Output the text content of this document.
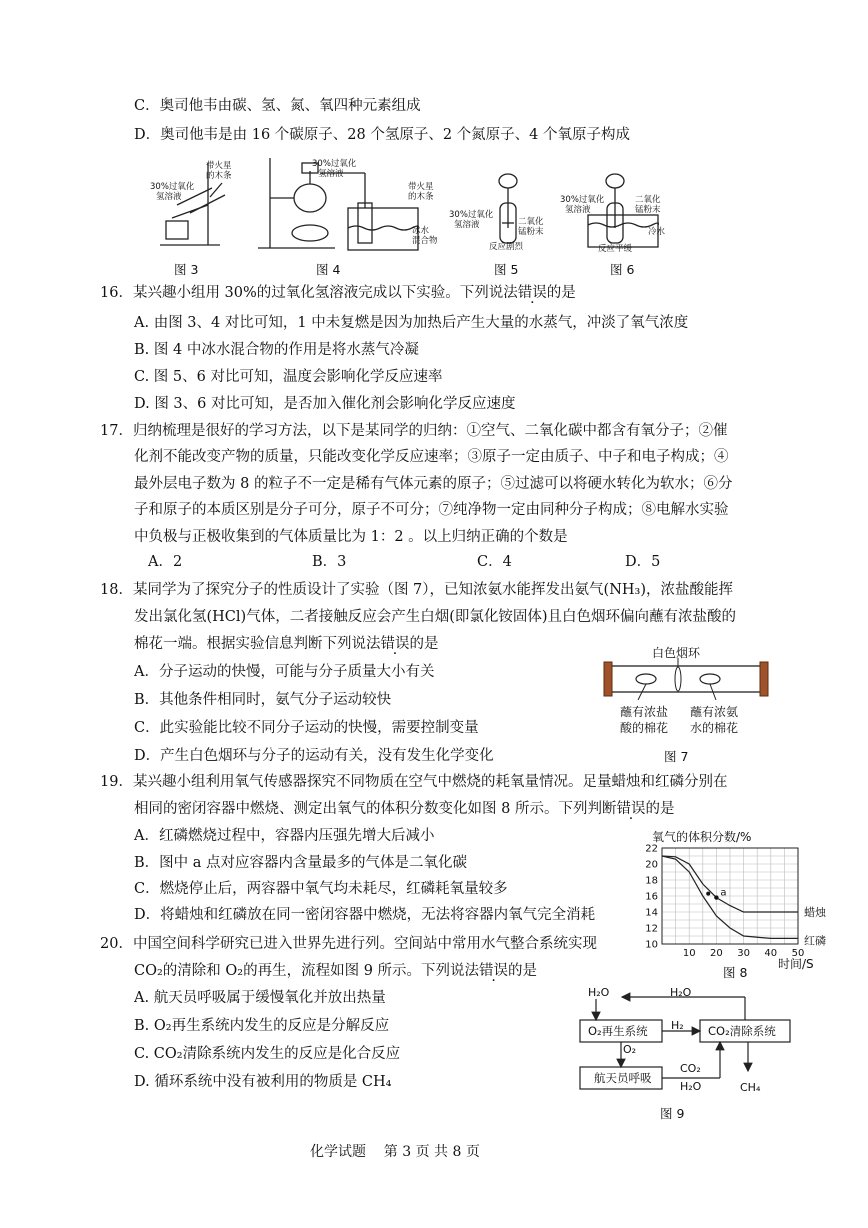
C．奥司他韦由碳、氢、氮、氧四种元素组成
D．奥司他韦是由 16 个碳原子、28 个氢原子、2 个氮原子、4 个氧原子构成
带火星
的木条
30%过氧化
氢溶液
图 3
30%过氧化
氢溶液
带火星
的木条
冰水
混合物
图 4
30%过氧化
氢溶液	二氧化
锰粉末
反应剧烈
图 5
30%过氧化
氢溶液
二氧化
锰粉末
冷水
反应平缓
图 6
16．某兴趣小组用 30%的过氧化氢溶液完成以下实验。下列说法错误的是
A. 由图 3、4 对比可知，1 中未复燃是因为加热后产生大量的水蒸气，冲淡了氧气浓度
B. 图 4 中冰水混合物的作用是将水蒸气冷凝
C. 图 5、6 对比可知，温度会影响化学反应速率
D. 图 3、6 对比可知，是否加入催化剂会影响化学反应速度
17．归纳梳理是很好的学习方法，以下是某同学的归纳：①空气、二氧化碳中都含有氧分子；②催
化剂不能改变产物的质量，只能改变化学反应速率；③原子一定由质子、中子和电子构成；④
最外层电子数为 8 的粒子不一定是稀有气体元素的原子；⑤过滤可以将硬水转化为软水；⑥分
子和原子的本质区别是分子可分，原子不可分；⑦纯净物一定由同种分子构成；⑧电解水实验
中负极与正极收集到的气体质量比为 1：2 。以上归纳正确的个数是
A．2	B．3	C．4	D．5
18．某同学为了探究分子的性质设计了实验（图 7），已知浓氨水能挥发出氨气(NH₃)，浓盐酸能挥
发出氯化氢(HCl)气体，二者接触反应会产生白烟(即氯化铵固体)且白色烟环偏向蘸有浓盐酸的
棉花一端。根据实验信息判断下列说法错误的是
A．分子运动的快慢，可能与分子质量大小有关
B．其他条件相同时，氨气分子运动较快
C．此实验能比较不同分子运动的快慢，需要控制变量
D．产生白色烟环与分子的运动有关，没有发生化学变化
白色烟环
蘸有浓盐
酸的棉花
蘸有浓氨
水的棉花
图 7
19．某兴趣小组利用氧气传感器探究不同物质在空气中燃烧的耗氧量情况。足量蜡烛和红磷分别在
相同的密闭容器中燃烧、测定出氧气的体积分数变化如图 8 所示。下列判断错误的是
A．红磷燃烧过程中，容器内压强先增大后减小
B．图中 a 点对应容器内含量最多的气体是二氧化碳
C．燃烧停止后，两容器中氧气均未耗尽，红磷耗氧量较多
D．将蜡烛和红磷放在同一密闭容器中燃烧，无法将容器内氧气完全消耗
氧气的体积分数/%
10
12
14
16
18
20
22
10 20 30 40 50
蜡烛
红磷
a
时间/S
图 8
20．中国空间科学研究已进入世界先进行列。空间站中常用水气整合系统实现
CO₂的清除和 O₂的再生，流程如图 9 所示。下列说法错误的是
A. 航天员呼吸属于缓慢氧化并放出热量
B. O₂再生系统内发生的反应是分解反应
C. CO₂清除系统内发生的反应是化合反应
D. 循环系统中没有被利用的物质是 CH₄
H₂O	H₂O
O₂再生系统 H₂ CO₂清除系统
O₂
航天员呼吸
CO₂
H₂O	CH₄
图 9
化学试题    第 3 页 共 8 页
